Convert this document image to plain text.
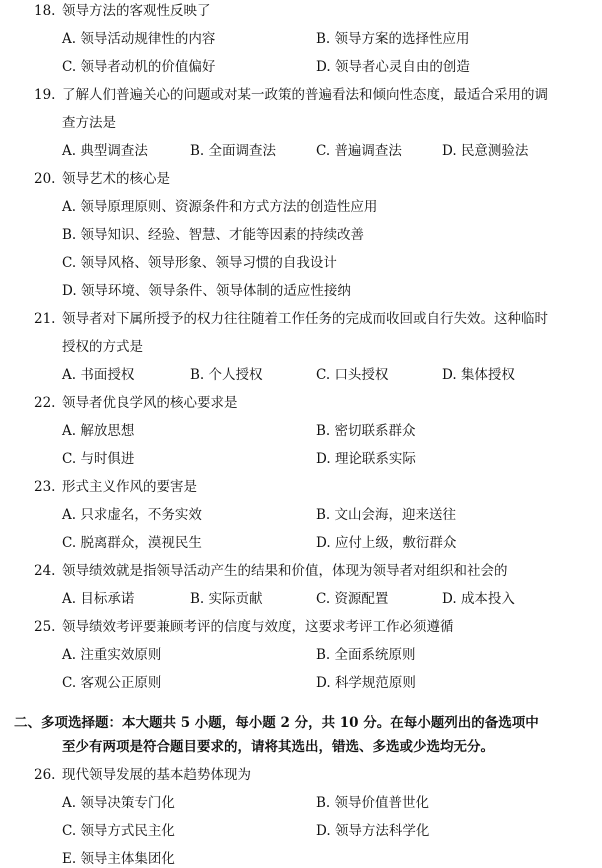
18. 领导方法的客观性反映了
A. 领导活动规律性的内容	B. 领导方案的选择性应用
C. 领导者动机的价值偏好	D. 领导者心灵自由的创造
19. 了解人们普遍关心的问题或对某一政策的普遍看法和倾向性态度，最适合采用的调
查方法是
A. 典型调查法	B. 全面调查法	C. 普遍调查法	D. 民意测验法
20. 领导艺术的核心是
A. 领导原理原则、资源条件和方式方法的创造性应用
B. 领导知识、经验、智慧、才能等因素的持续改善
C. 领导风格、领导形象、领导习惯的自我设计
D. 领导环境、领导条件、领导体制的适应性接纳
21. 领导者对下属所授予的权力往往随着工作任务的完成而收回或自行失效。这种临时
授权的方式是
A. 书面授权	B. 个人授权	C. 口头授权	D. 集体授权
22. 领导者优良学风的核心要求是
A. 解放思想	B. 密切联系群众
C. 与时俱进	D. 理论联系实际
23. 形式主义作风的要害是
A. 只求虚名，不务实效	B. 文山会海，迎来送往
C. 脱离群众，漠视民生	D. 应付上级，敷衍群众
24. 领导绩效就是指领导活动产生的结果和价值，体现为领导者对组织和社会的
A. 目标承诺	B. 实际贡献	C. 资源配置	D. 成本投入
25. 领导绩效考评要兼顾考评的信度与效度，这要求考评工作必须遵循
A. 注重实效原则	B. 全面系统原则
C. 客观公正原则	D. 科学规范原则
二、多项选择题：本大题共 5 小题，每小题 2 分，共 10 分。在每小题列出的备选项中
至少有两项是符合题目要求的，请将其选出，错选、多选或少选均无分。
26. 现代领导发展的基本趋势体现为
A. 领导决策专门化	B. 领导价值普世化
C. 领导方式民主化	D. 领导方法科学化
E. 领导主体集团化
